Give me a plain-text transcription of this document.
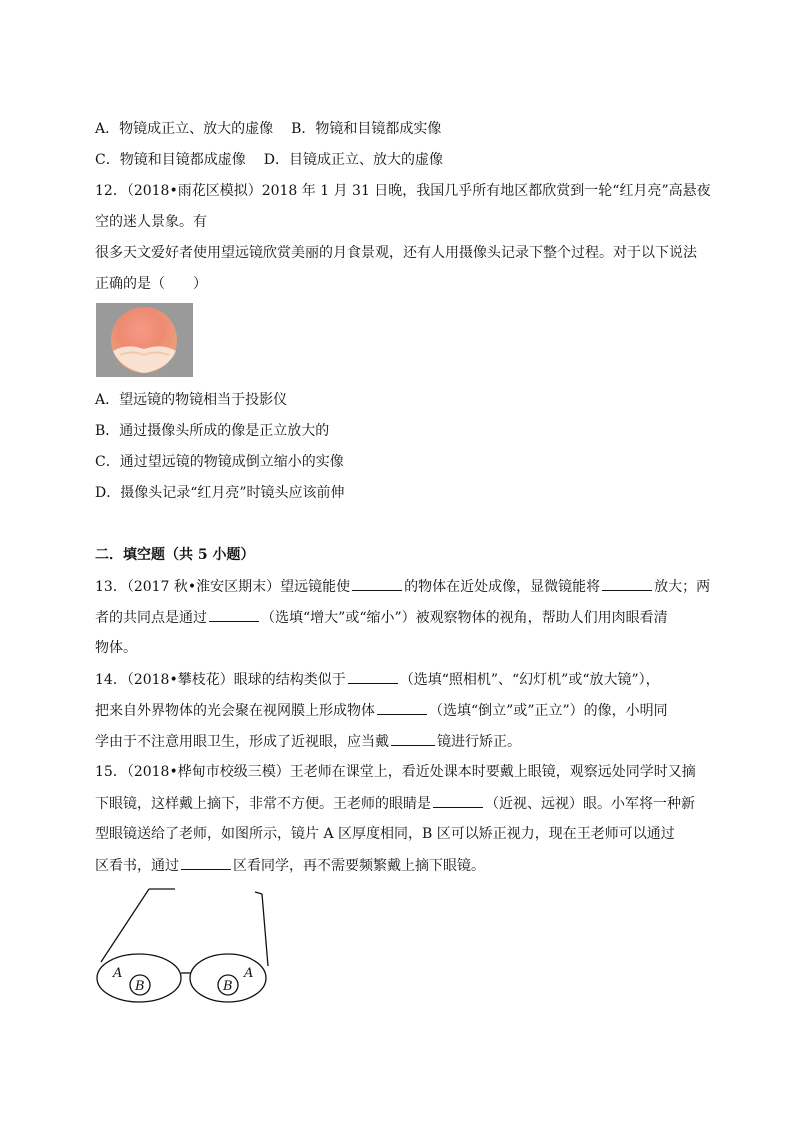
A．物镜成正立、放大的虚像 B．物镜和目镜都成实像
C．物镜和目镜都成虚像 D．目镜成正立、放大的虚像
12．（2018•雨花区模拟）2018 年 1 月 31 日晚，我国几乎所有地区都欣赏到一轮“红月亮”高悬夜
空的迷人景象。有
很多天文爱好者使用望远镜欣赏美丽的月食景观，还有人用摄像头记录下整个过程。对于以下说法
正确的是（　　）
A．望远镜的物镜相当于投影仪
B．通过摄像头所成的像是正立放大的
C．通过望远镜的物镜成倒立缩小的实像
D．摄像头记录“红月亮”时镜头应该前伸
二．填空题（共 5 小题）
13．（2017 秋•淮安区期末）望远镜能使	的物体在近处成像，显微镜能将	放大；两
者的共同点是通过	（选填“增大”或“缩小”）被观察物体的视角，帮助人们用肉眼看清
物体。
14．（2018•攀枝花）眼球的结构类似于	（选填“照相机”、“幻灯机”或“放大镜”），
把来自外界物体的光会聚在视网膜上形成物体	（选填“倒立”或”正立”）的像，小明同
学由于不注意用眼卫生，形成了近视眼，应当戴	镜进行矫正。
15．（2018•桦甸市校级三模）王老师在课堂上，看近处课本时要戴上眼镜，观察远处同学时又摘
下眼镜，这样戴上摘下，非常不方便。王老师的眼睛是	（近视、远视）眼。小军将一种新
型眼镜送给了老师，如图所示，镜片 A 区厚度相同，B 区可以矫正视力，现在王老师可以通过
区看书，通过	区看同学，再不需要频繁戴上摘下眼镜。
A
B	B
A
